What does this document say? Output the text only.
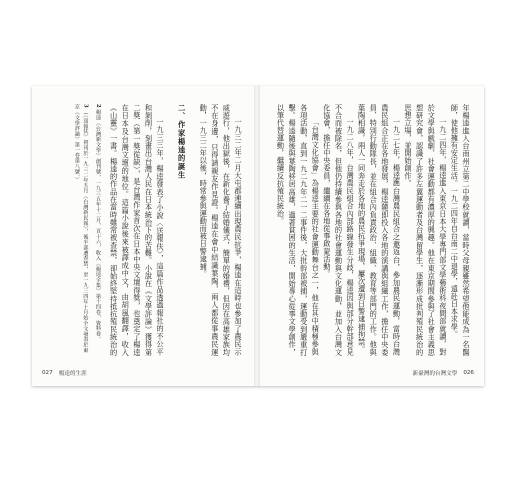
2 楊逵《台灣新文學》創刊號，一九三五年十二月，頁十六，收入《楊逵全集》第十四卷，資料卷。

3 （《送報伕》初刊於一九三二年五月《台灣新民報》，後半部遭查禁，至一九三四年十月始全文發表於東京《文學評論》第一卷第八號。）	一九三二年二月大屯郡連續出現農民抗爭，楊逵在這時也參加了農民示威遊行，他出獄後，在新化養了結婚儀式，簡單的婚禮，但因在高雄家族均不在身邊，只得請親友作見證。楊逵在會中結識葉陶，兩人都從事農民運動，一九三二年以後，時常參與運動而被日警逮捕。

二、作家楊逵的誕生

一九三三年，楊逵發表了小說〈送報伕〉，這篇作品透過報社的不公平和剝削，刻畫出台灣人民在日本統治下的苦難。小說在《文學評論》獲得第二獎（第一獎從缺），是台灣作家首次在日本中央文壇得獎，也奠定了楊逵在日本及台灣文壇的地位。這篇小說後來被譯成中文，由胡風翻譯，收入《山靈》一書。楊逵的作品在當時雖常被查禁，卻始終堅持抵抗殖民統治的

027 楊逵的生涯

年楊逵進入台南州立第二中學校就讀，當時父母親雖然希望他能成為一名醫師，使他擁有安定生活。一九二四年自台南二中退學，遠赴日本求學。

一九二四年，楊逵進入東京日本大學專門部文學藝術科夜間部就讀，對於文學與戲劇、社會運動都有濃厚的興趣。他在東京期間參與了社會主義思想研究會，認識了許多左翼運動者及台灣留學生，逐漸形成批判殖民統治的思想立場，並開始創作。

一九二七年，楊逵應台灣農民組合之邀返台，參加農民運動，當時台灣農民組合正在各地發展，楊逵隨即投入各地的演講與組織工作，擔任中央委員、特別行動隊長，並在組合內負責政治、組織、教育等部門的工作。他與葉陶相識，兩人一同奔走於各地的農民抗爭現場，屢次遭到日警逮捕拘禁。

一九二八年，台灣農民組合內部路線發生分歧，楊逵因與部分幹部意見不合而被除名，但他仍持續參與各地的社會運動與文化運動，並加入台灣文化協會，擔任中央委員，繼續在各地從事啟蒙活動。

「台灣文化協會」為楊逵主要的社會運動舞台之一，他在其中積極參與各項活動，直到一九二九年二一二事件後，大批幹部被捕，運動受到嚴重打擊。楊逵隨後與葉陶移居高雄，過著貧困的生活，開始專心從事文學創作，以筆代替運動，繼續反抗殖民統治。

新臺灣的台灣文學 026
